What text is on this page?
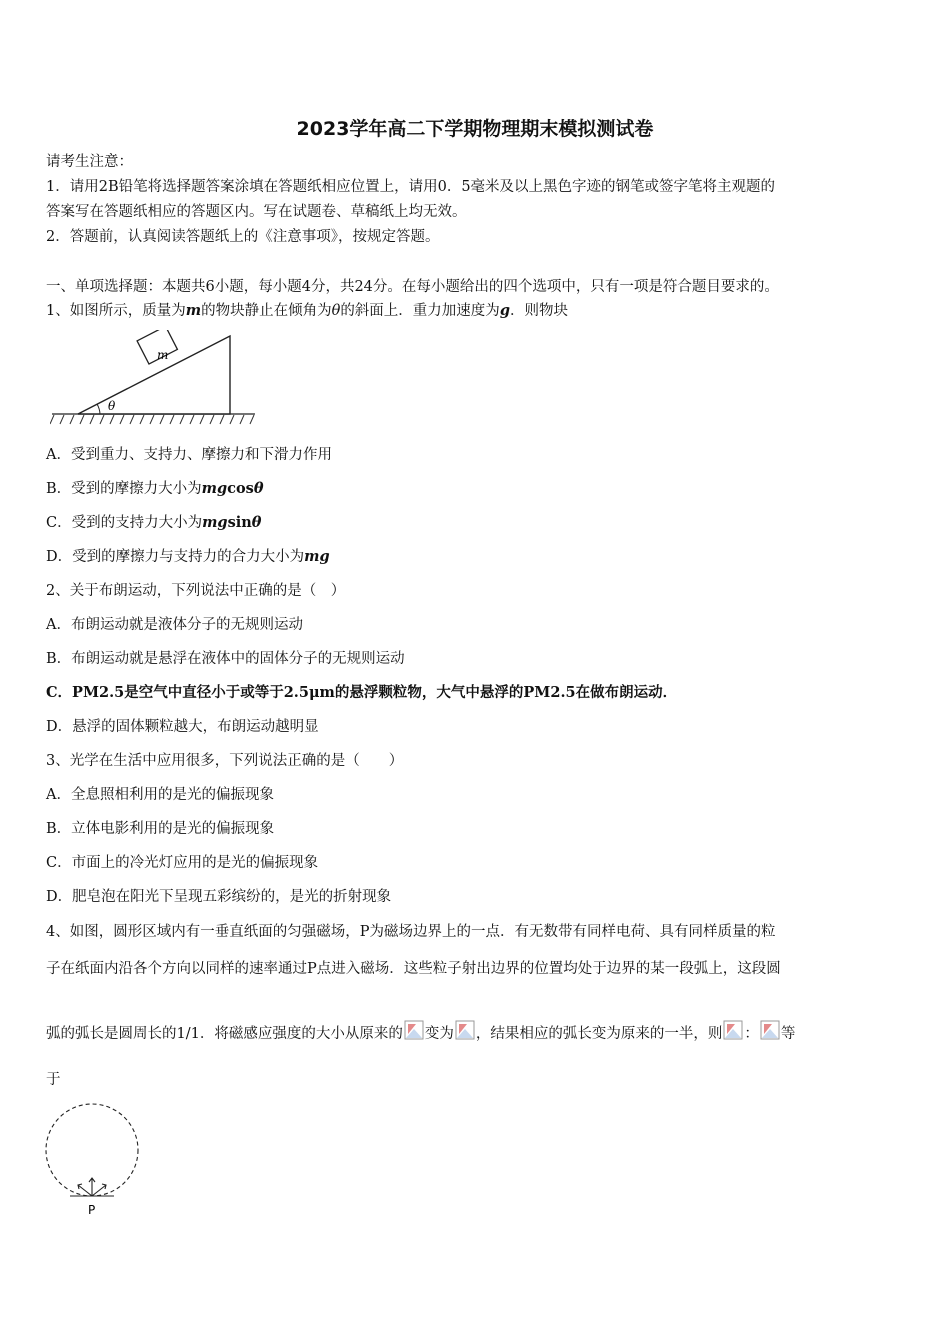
2023学年高二下学期物理期末模拟测试卷
请考生注意：
1．请用2B铅笔将选择题答案涂填在答题纸相应位置上，请用0．5毫米及以上黑色字迹的钢笔或签字笔将主观题的
答案写在答题纸相应的答题区内。写在试题卷、草稿纸上均无效。
2．答题前，认真阅读答题纸上的《注意事项》，按规定答题。
一、单项选择题：本题共6小题，每小题4分，共24分。在每小题给出的四个选项中，只有一项是符合题目要求的。
1、如图所示，质量为m的物块静止在倾角为θ的斜面上．重力加速度为g．则物块
m
θ
A．受到重力、支持力、摩擦力和下滑力作用
B．受到的摩擦力大小为mgcosθ
C．受到的支持力大小为mgsinθ
D．受到的摩擦力与支持力的合力大小为mg
2、关于布朗运动，下列说法中正确的是（　）
A．布朗运动就是液体分子的无规则运动
B．布朗运动就是悬浮在液体中的固体分子的无规则运动
C．PM2.5是空气中直径小于或等于2.5μm的悬浮颗粒物，大气中悬浮的PM2.5在做布朗运动．
D．悬浮的固体颗粒越大，布朗运动越明显
3、光学在生活中应用很多，下列说法正确的是（　　）
A．全息照相利用的是光的偏振现象
B．立体电影利用的是光的偏振现象
C．市面上的冷光灯应用的是光的偏振现象
D．肥皂泡在阳光下呈现五彩缤纷的，是光的折射现象
4、如图，圆形区域内有一垂直纸面的匀强磁场，P为磁场边界上的一点．有无数带有同样电荷、具有同样质量的粒
子在纸面内沿各个方向以同样的速率通过P点进入磁场．这些粒子射出边界的位置均处于边界的某一段弧上，这段圆
弧的弧长是圆周长的1/1．将磁感应强度的大小从原来的 变为 ，结果相应的弧长变为原来的一半，则 ： 等
于
P
